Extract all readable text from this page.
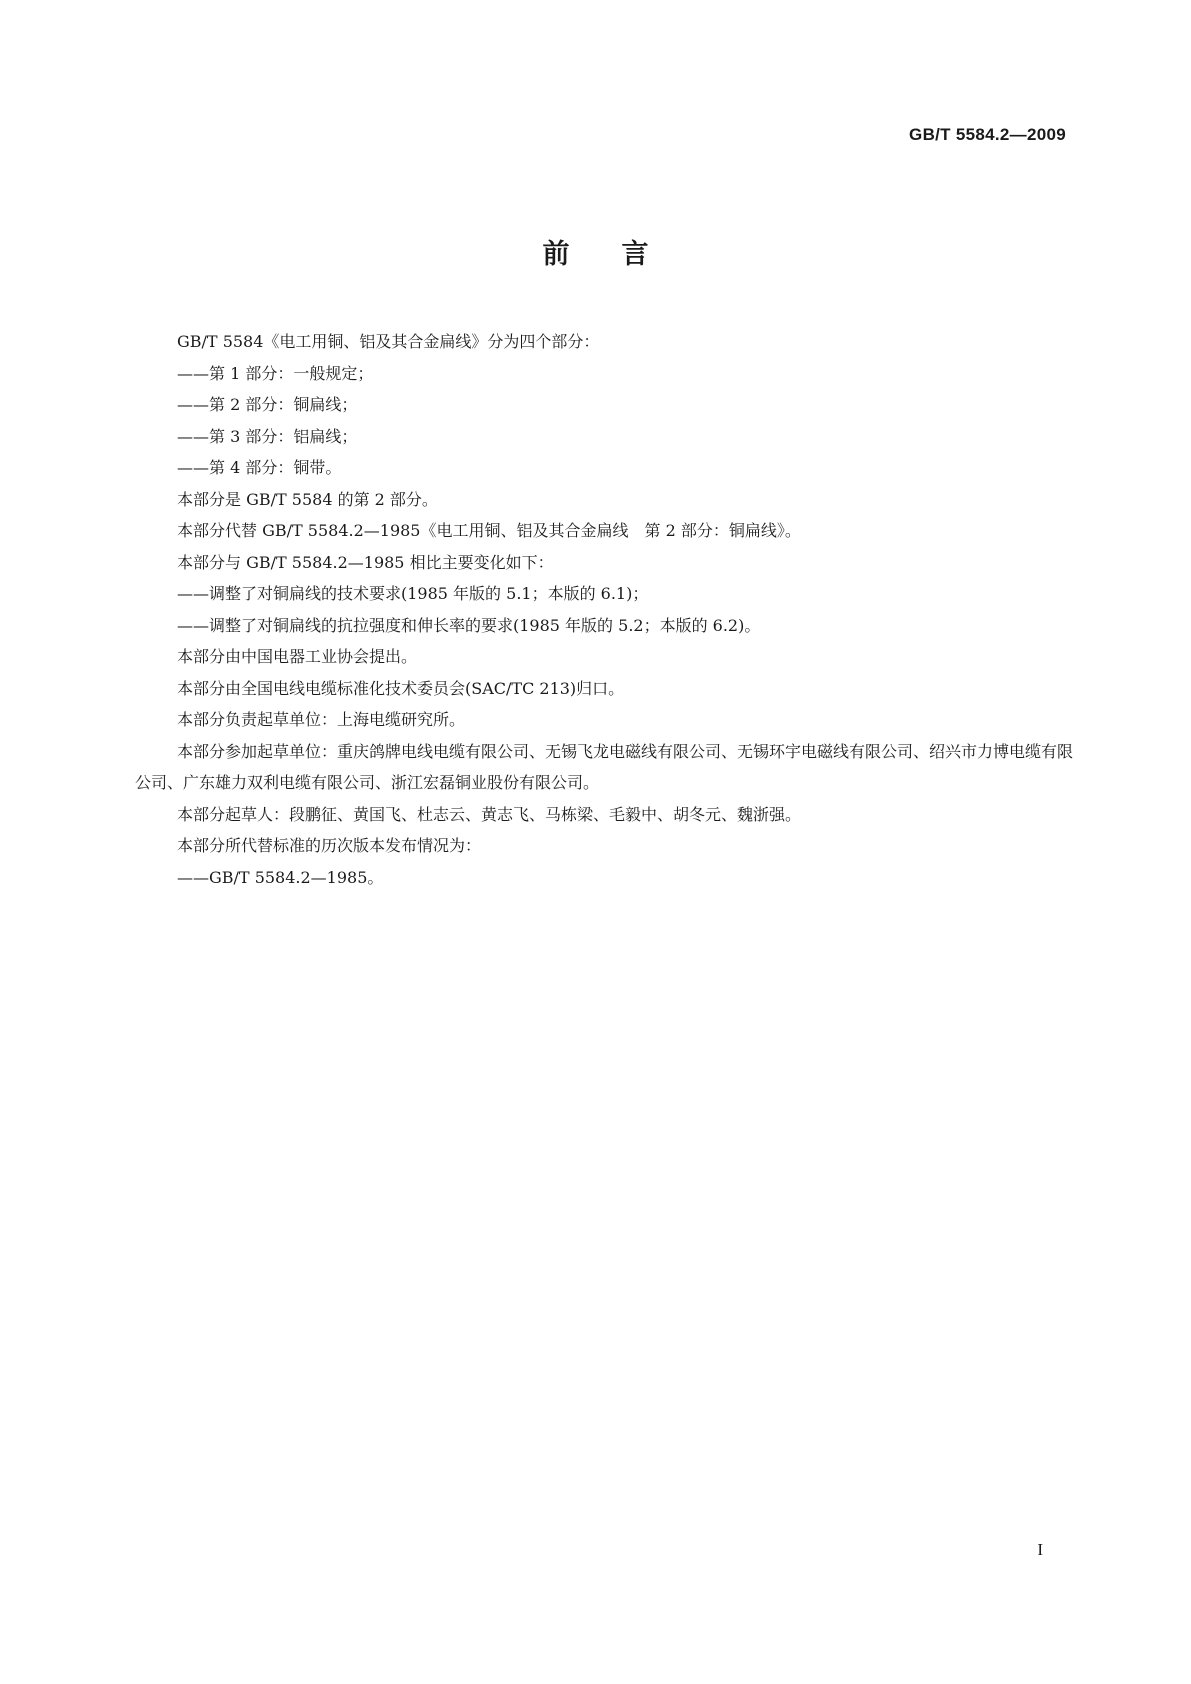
GB/T 5584.2—2009
前言

GB/T 5584《电工用铜、铝及其合金扁线》分为四个部分：

——第 1 部分：一般规定；

——第 2 部分：铜扁线；

——第 3 部分：铝扁线；

——第 4 部分：铜带。

本部分是 GB/T 5584 的第 2 部分。

本部分代替 GB/T 5584.2—1985《电工用铜、铝及其合金扁线　第 2 部分：铜扁线》。

本部分与 GB/T 5584.2—1985 相比主要变化如下：

——调整了对铜扁线的技术要求(1985 年版的 5.1；本版的 6.1)；

——调整了对铜扁线的抗拉强度和伸长率的要求(1985 年版的 5.2；本版的 6.2)。

本部分由中国电器工业协会提出。

本部分由全国电线电缆标准化技术委员会(SAC/TC 213)归口。

本部分负责起草单位：上海电缆研究所。

本部分参加起草单位：重庆鸽牌电线电缆有限公司、无锡飞龙电磁线有限公司、无锡环宇电磁线有限公司、绍兴市力博电缆有限公司、广东雄力双利电缆有限公司、浙江宏磊铜业股份有限公司。

本部分起草人：段鹏征、黄国飞、杜志云、黄志飞、马栋梁、毛毅中、胡冬元、魏浙强。

本部分所代替标准的历次版本发布情况为：

——GB/T 5584.2—1985。

I
